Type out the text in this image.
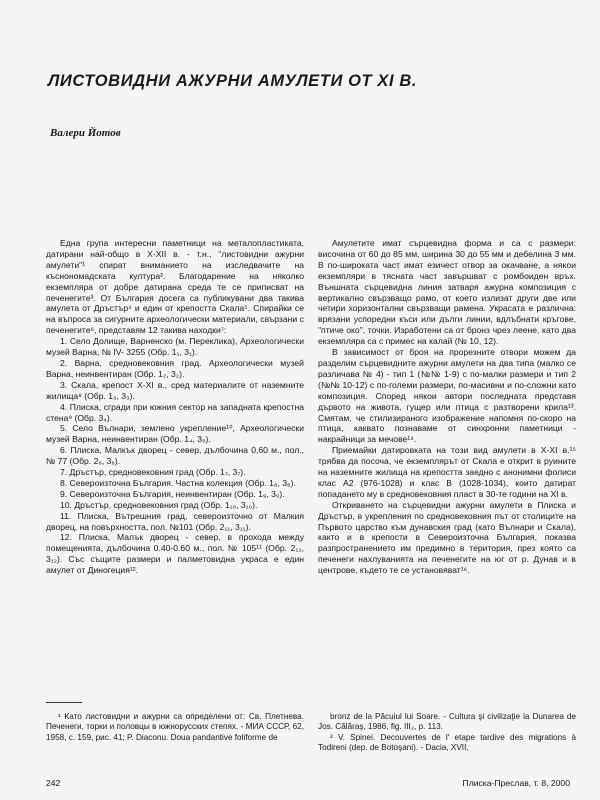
ЛИСТОВИДНИ АЖУРНИ АМУЛЕТИ ОТ XI В.
Валери Йотов

Една група интересни паметници на металопластиката, датирани най-общо в X-XII в. - т.н., "листовидни ажурни амулети"¹ спират вниманието на изследвачите на къснономадската култура². Благодарение на няколко екземпляра от добре датирана среда те се приписват на печенегите³. От България досега са публикувани два такива амулета от Дръстър⁴ и един от крепостта Скала⁵. Спирайки се на въпроса за сигурните археологически материали, свързани с печенегите⁶, представям 12 такива находки⁷:

1. Село Долище, Варненско (м. Переклика), Археологически музей Варна, № IV- 3255 (Обр. 1₁, 3₁).
2. Варна, средновековния град. Археологически музей Варна, неинвентиран (Обр. 1₂, 3₂).
3. Скала, крепост X-XI в., сред материалите от наземните жилища⁸ (Обр. 1₃, 3₃).
4. Плиска, сгради при южния сектор на западната крепостна стена⁹ (Обр. 3₄).
5. Село Вълнари, землено укрепление¹⁰, Археологически музей Варна, неинвентиран (Обр. 1₄, 3₅).
6. Плиска, Малкък дворец - север, дълбочина 0,60 м., пол., № 77 (Обр. 2₆, 3₆).
7. Дръстър, средновековния град (Обр. 1₇, 3₇).
8. Североизточна България. Частна колекция (Обр. 1₈, 3₈).
9. Североизточна България, неинвентиран (Обр. 1₉, 3₉).
10. Дръстър, средновековния град (Обр. 1₁₀, 3₁₀).
11. Плиска, Вътрешния град, североизточно от Малкия дворец, на повърхността, пол. №101 (Обр. 2₁₁, 3₁₁).
12. Плиска, Малък дворец - север, в прохода между помещенията, дълбочина 0.40-0.60 м., пол. № 105¹¹ (Обр. 2₁₂, 3₁₂). Със същите размери и палметовидна украса е един амулет от Диногеция¹².

Амулетите имат сърцевидна форма и са с размери: височина от 60 до 85 мм, ширина 30 до 55 мм и дебелина 3 мм. В по-широката част имат езичест отвор за окачване, а някои екземпляри в тясната част завършват с ромбоиден връх. Външната сърцевидна линия затваря ажурна композиция с вертикално свързващо рамо, от което излизат други две или четири хоризонтални свързващи рамена. Украсата е различна: врязани успоредни къси или дълги линии, вдлъбнати кръгове, "птиче око", точки. Изработени са от бронз чрез леене, като два екземпляра са с примес на калай (№ 10, 12).

В зависимост от броя на прорезните отвори можем да разделим сърцевидните ажурни амулети на два типа (малко се различава № 4) - тип 1 (№№ 1-9) с по-малки размери и тип 2 (№№ 10-12) с по-големи размери, по-масивни и по-сложни като композиция. Според някои автори последната представя дървото на живота, гущер или птица с разтворени крила¹³. Смятам, че стилизираного изображение напомня по-скоро на птица, каквато познаваме от синхронни паметници - накрайници за мечове¹⁴.

Приемайки датировката на този вид амулети в X-XI в.¹⁵ трябва да посоча, че екземплярът от Скала е открит в руините на наземните жилища на крепостта заедно с анонимни фолиси клас А2 (976-1028) и клас В (1028-1034), които датират попадането му в средновековния пласт в 30-те години на XI в.

Откриването на сърцевидни ажурни амулети в Плиска и Дръстър, в укрепления по средновековния път от столиците на Първото царство към дунавския град (като Вълнари и Скала), както и в крепости в Североизточна България, показва разпространението им предимно в територия, през която са печенеги нахлуванията на печенегите на юг от р. Дунав и в центрове, където те се установяват¹⁶.

¹ Като листовидни и ажурни са определени от: Св. Плетнева. Печенеги, торки и половцы в южнорусских степях. - МИА СССР, 62, 1958, с. 159, рис. 41; P. Diaconu. Doua pandantive foliforme de

bronz de la Păcuiul lui Soare. - Cultura şi civilizaţie la Dunarea de Jos. Călăraş, 1986, fig. III₂, p. 113.

² V. Spinei. Decouvertes de l' etape tardive des migrations à Todireni (dep. de Botoşani). - Dacia, XVII,

242	Плиска-Преслав, т. 8, 2000
